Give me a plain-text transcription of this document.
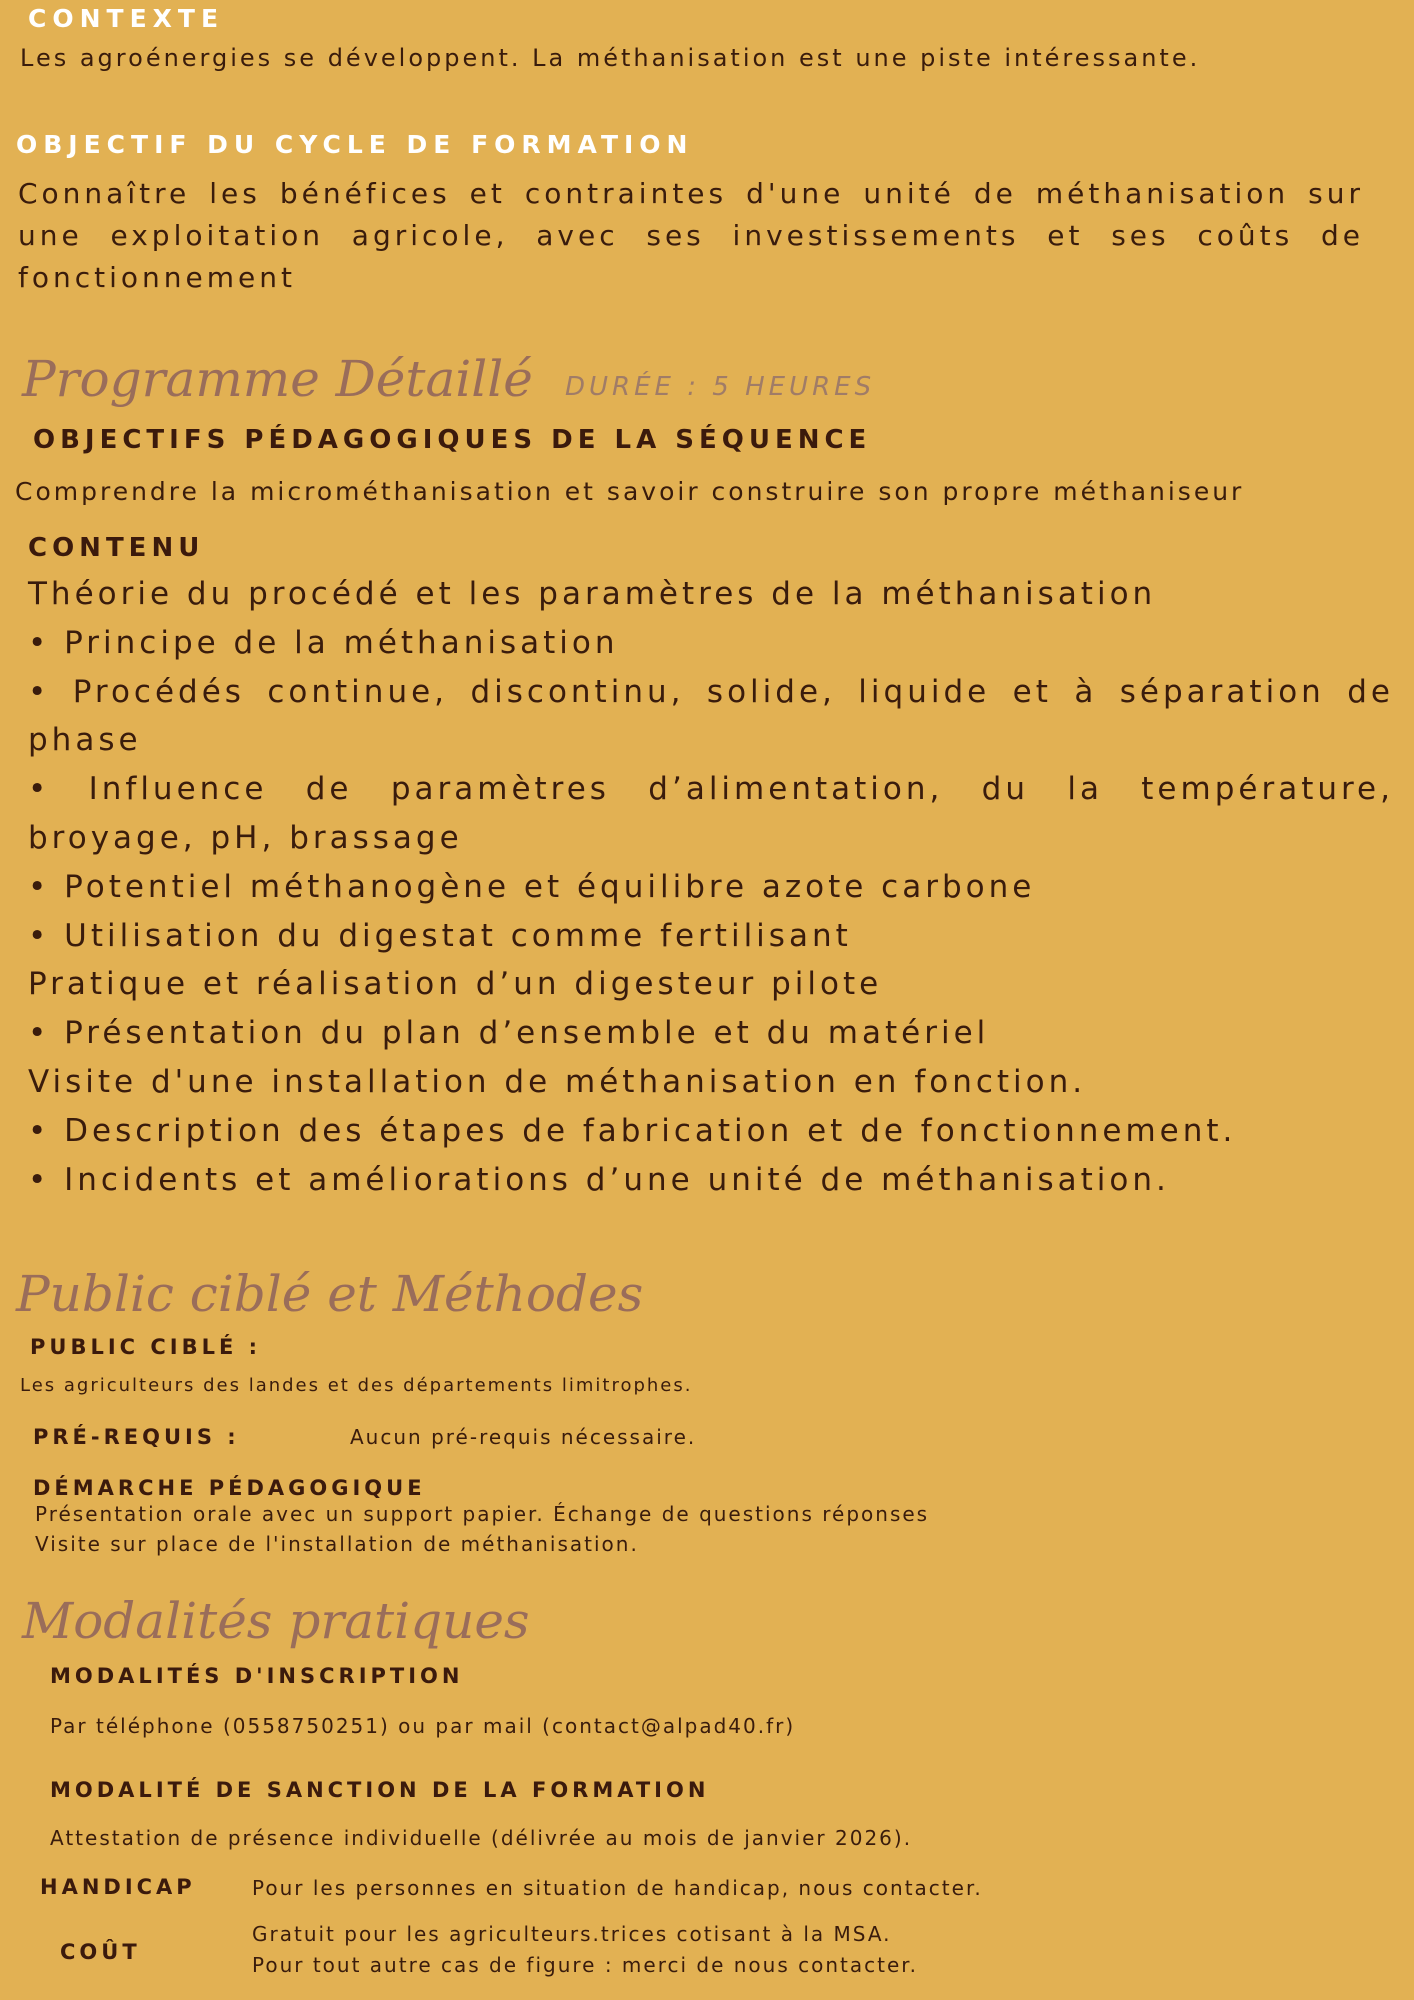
CONTEXTE
Les agroénergies se développent. La méthanisation est une piste intéressante.
OBJECTIF DU CYCLE DE FORMATION
Connaître les bénéfices et contraintes d'une unité de méthanisation sur une exploitation agricole, avec ses investissements et ses coûts de fonctionnement
Programme Détaillé DURÉE : 5 HEURES
OBJECTIFS PÉDAGOGIQUES DE LA SÉQUENCE
Comprendre la microméthanisation et savoir construire son propre méthaniseur
CONTENU
Théorie du procédé et les paramètres de la méthanisation
• Principe de la méthanisation
• Procédés continue, discontinu, solide, liquide et à séparation de phase
• Influence de paramètres d’alimentation, du la température, broyage, pH, brassage
• Potentiel méthanogène et équilibre azote carbone
• Utilisation du digestat comme fertilisant
Pratique et réalisation d’un digesteur pilote
• Présentation du plan d’ensemble et du matériel
Visite d'une installation de méthanisation en fonction.
• Description des étapes de fabrication et de fonctionnement.
• Incidents et améliorations d’une unité de méthanisation.
Public ciblé et Méthodes
PUBLIC CIBLÉ :
Les agriculteurs des landes et des départements limitrophes.
PRÉ-REQUIS :	Aucun pré-requis nécessaire.
DÉMARCHE PÉDAGOGIQUE
Présentation orale avec un support papier. Échange de questions réponses
Visite sur place de l'installation de méthanisation.
Modalités pratiques
MODALITÉS D'INSCRIPTION
Par téléphone (0558750251) ou par mail (contact@alpad40.fr)
MODALITÉ DE SANCTION DE LA FORMATION
Attestation de présence individuelle (délivrée au mois de janvier 2026).
HANDICAP	Pour les personnes en situation de handicap, nous contacter.
COÛT
Gratuit pour les agriculteurs.trices cotisant à la MSA.
Pour tout autre cas de figure : merci de nous contacter.
